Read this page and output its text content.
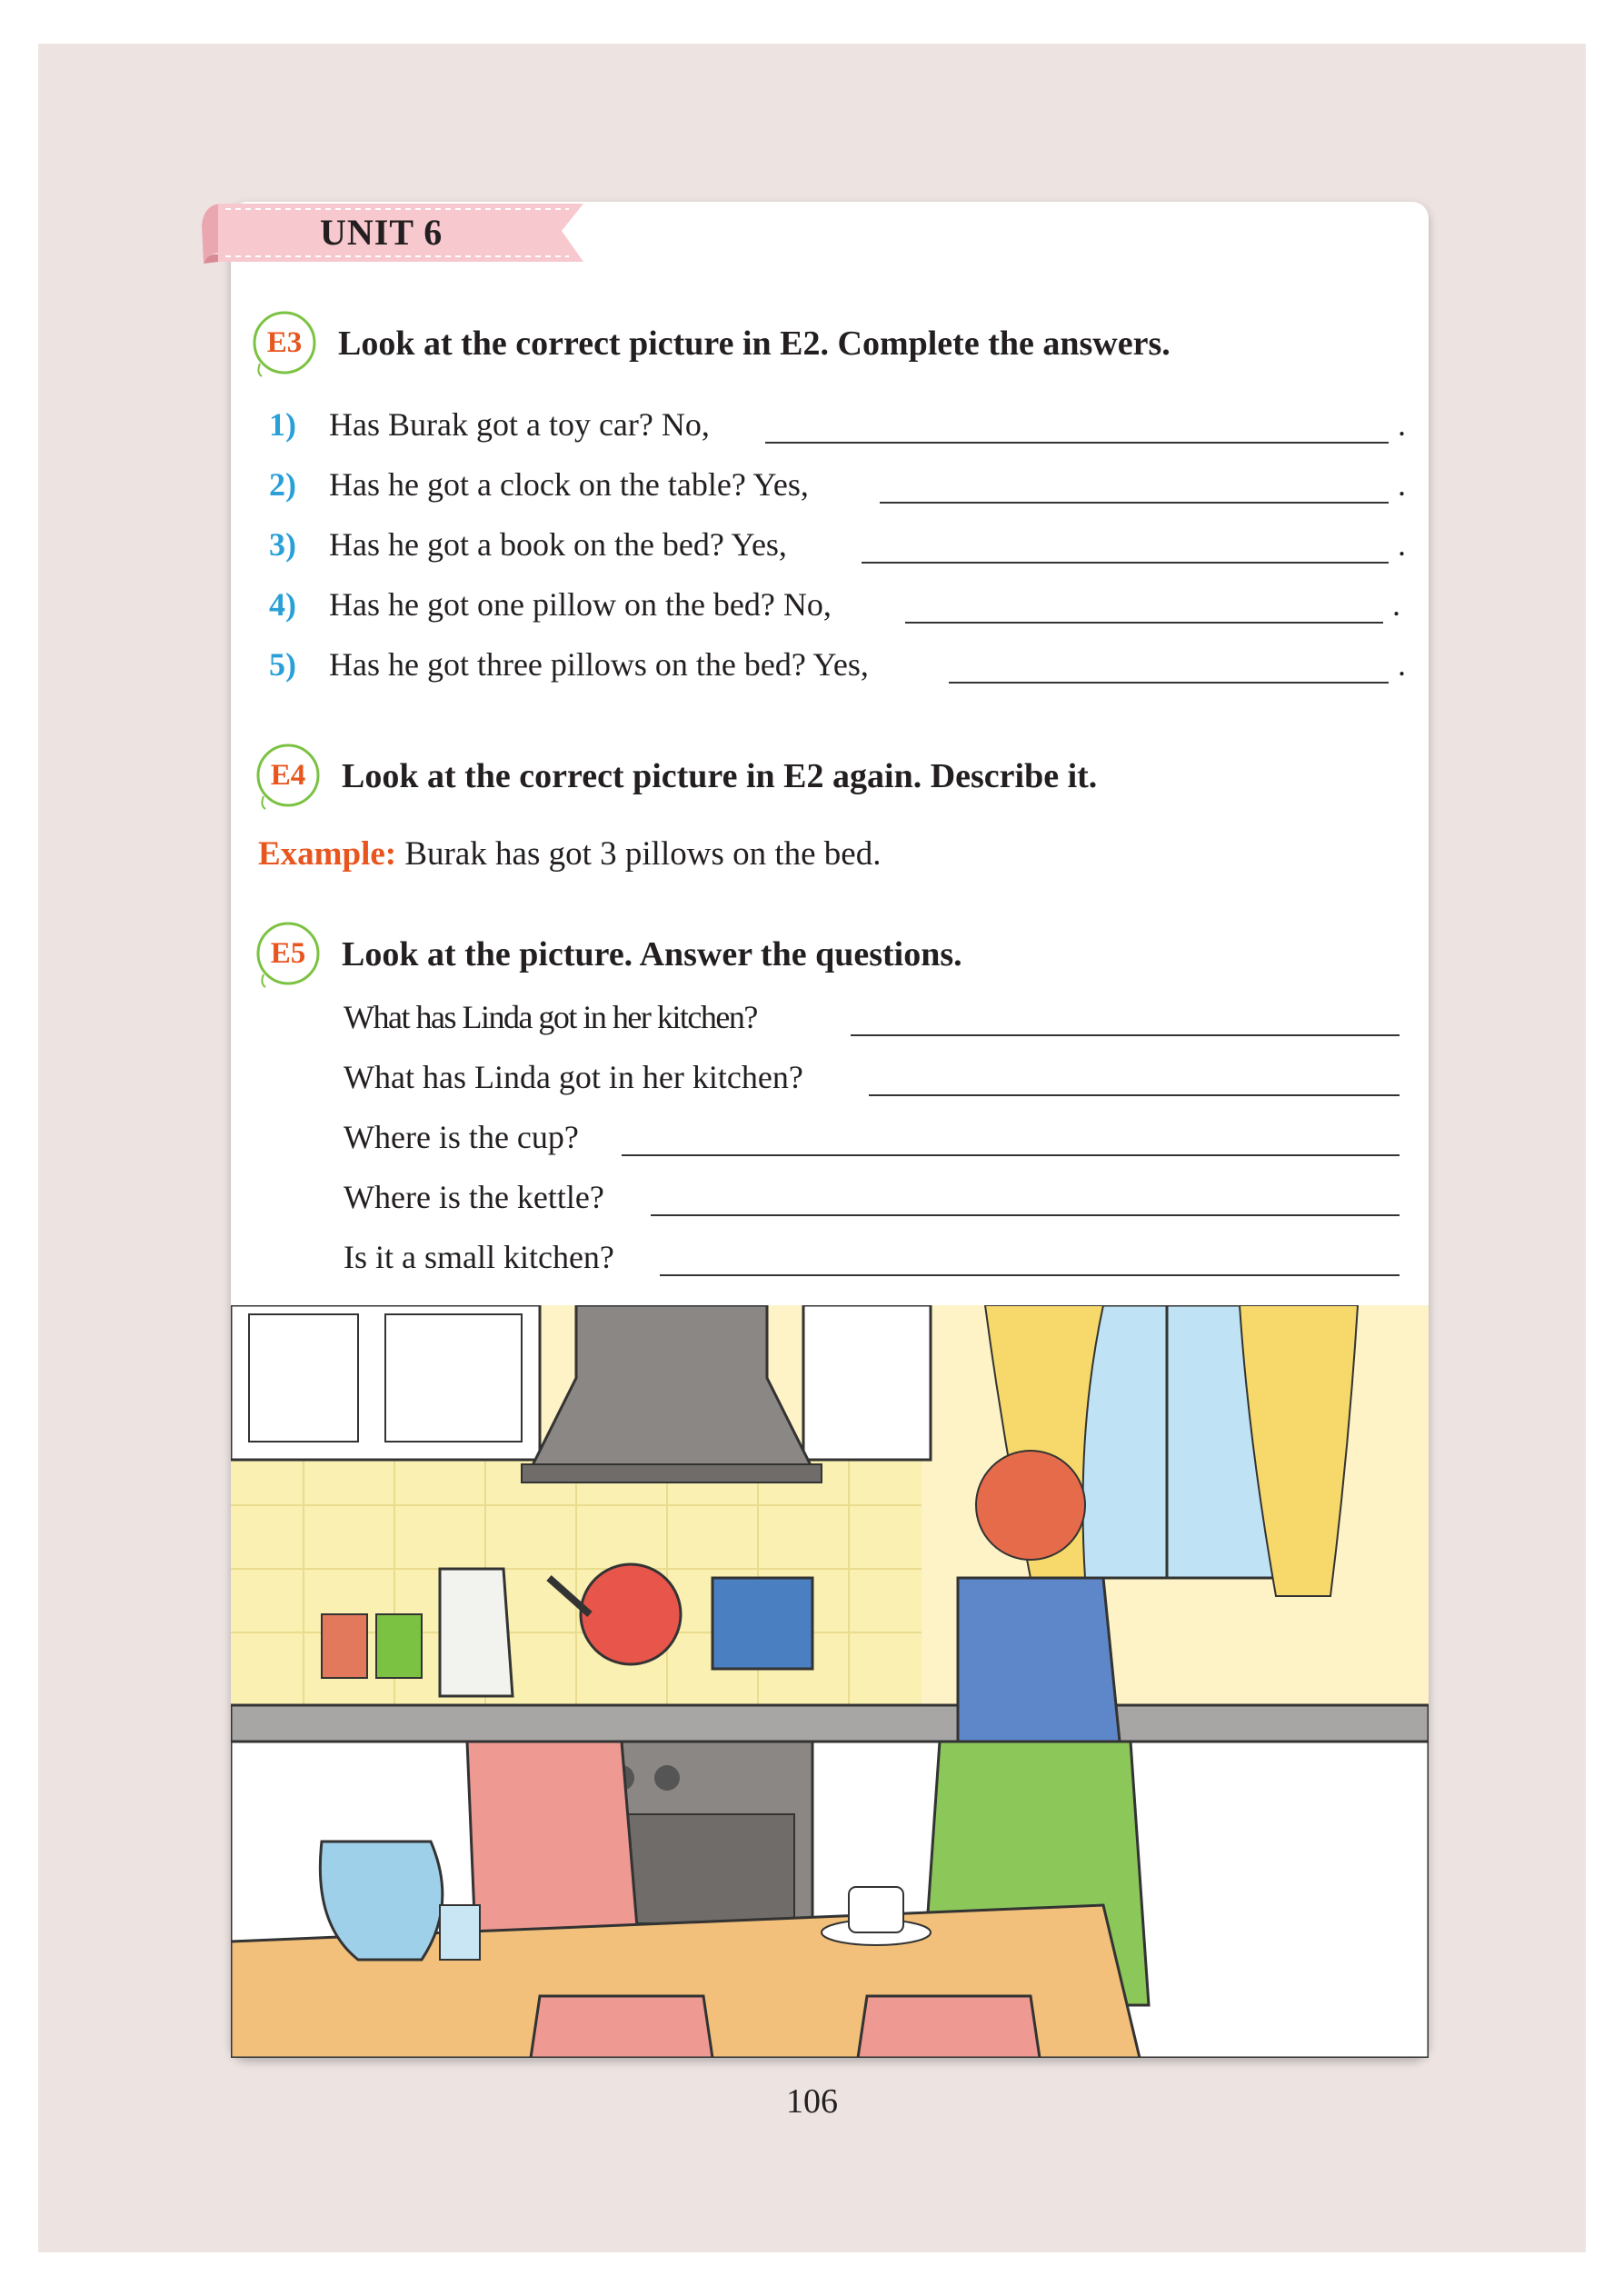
UNIT 6
E3	Look at the correct picture in E2. Complete the answers.
1) Has Burak got a toy car? No,	.
2) Has he got a clock on the table? Yes,	.
3) Has he got a book on the bed? Yes,	.
4) Has he got one pillow on the bed? No,	.
5) Has he got three pillows on the bed? Yes,	.
E4	Look at the correct picture in E2 again. Describe it.
Example: Burak has got 3 pillows on the bed.
E5	Look at the picture. Answer the questions.
What has Linda got in her kitchen?
What has Linda got in her kitchen?
Where is the cup?
Where is the kettle?
Is it a small kitchen?
106
